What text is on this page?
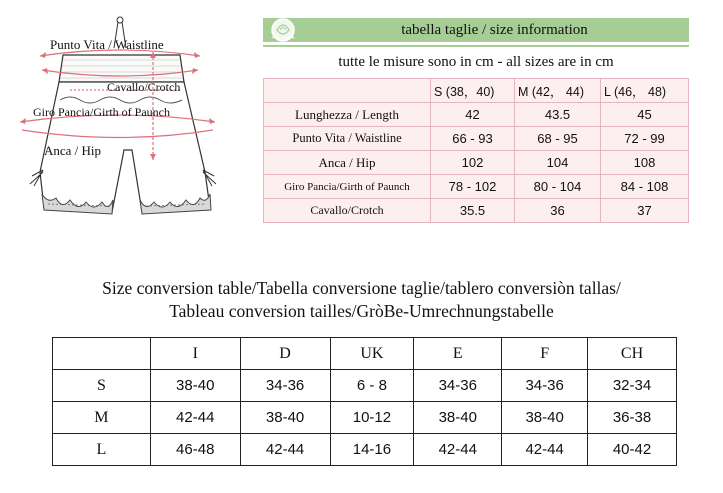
Punto Vita / Waistline
Cavallo/Crotch
Giro Pancia/Girth of Paunch
Anca / Hip
tabella taglie / size information
tutte le misure sono in cm - all sizes are in cm
	S (38，40)	M (42， 44)	L (46， 48)
Lunghezza / Length	42	43.5	45
Punto Vita / Waistline	66 - 93	68 - 95	72 - 99
Anca / Hip	102	104	108
Giro Pancia/Girth of Paunch	78 - 102	80 - 104	84 - 108
Cavallo/Crotch	35.5	36	37
Size conversion table/Tabella conversione taglie/tablero conversiòn tallas/
Tableau conversion tailles/GròBe-Umrechnungstabelle
	I	D	UK	E	F	CH
S	38-40	34-36	6 - 8	34-36	34-36	32-34
M	42-44	38-40	10-12	38-40	38-40	36-38
L	46-48	42-44	14-16	42-44	42-44	40-42
